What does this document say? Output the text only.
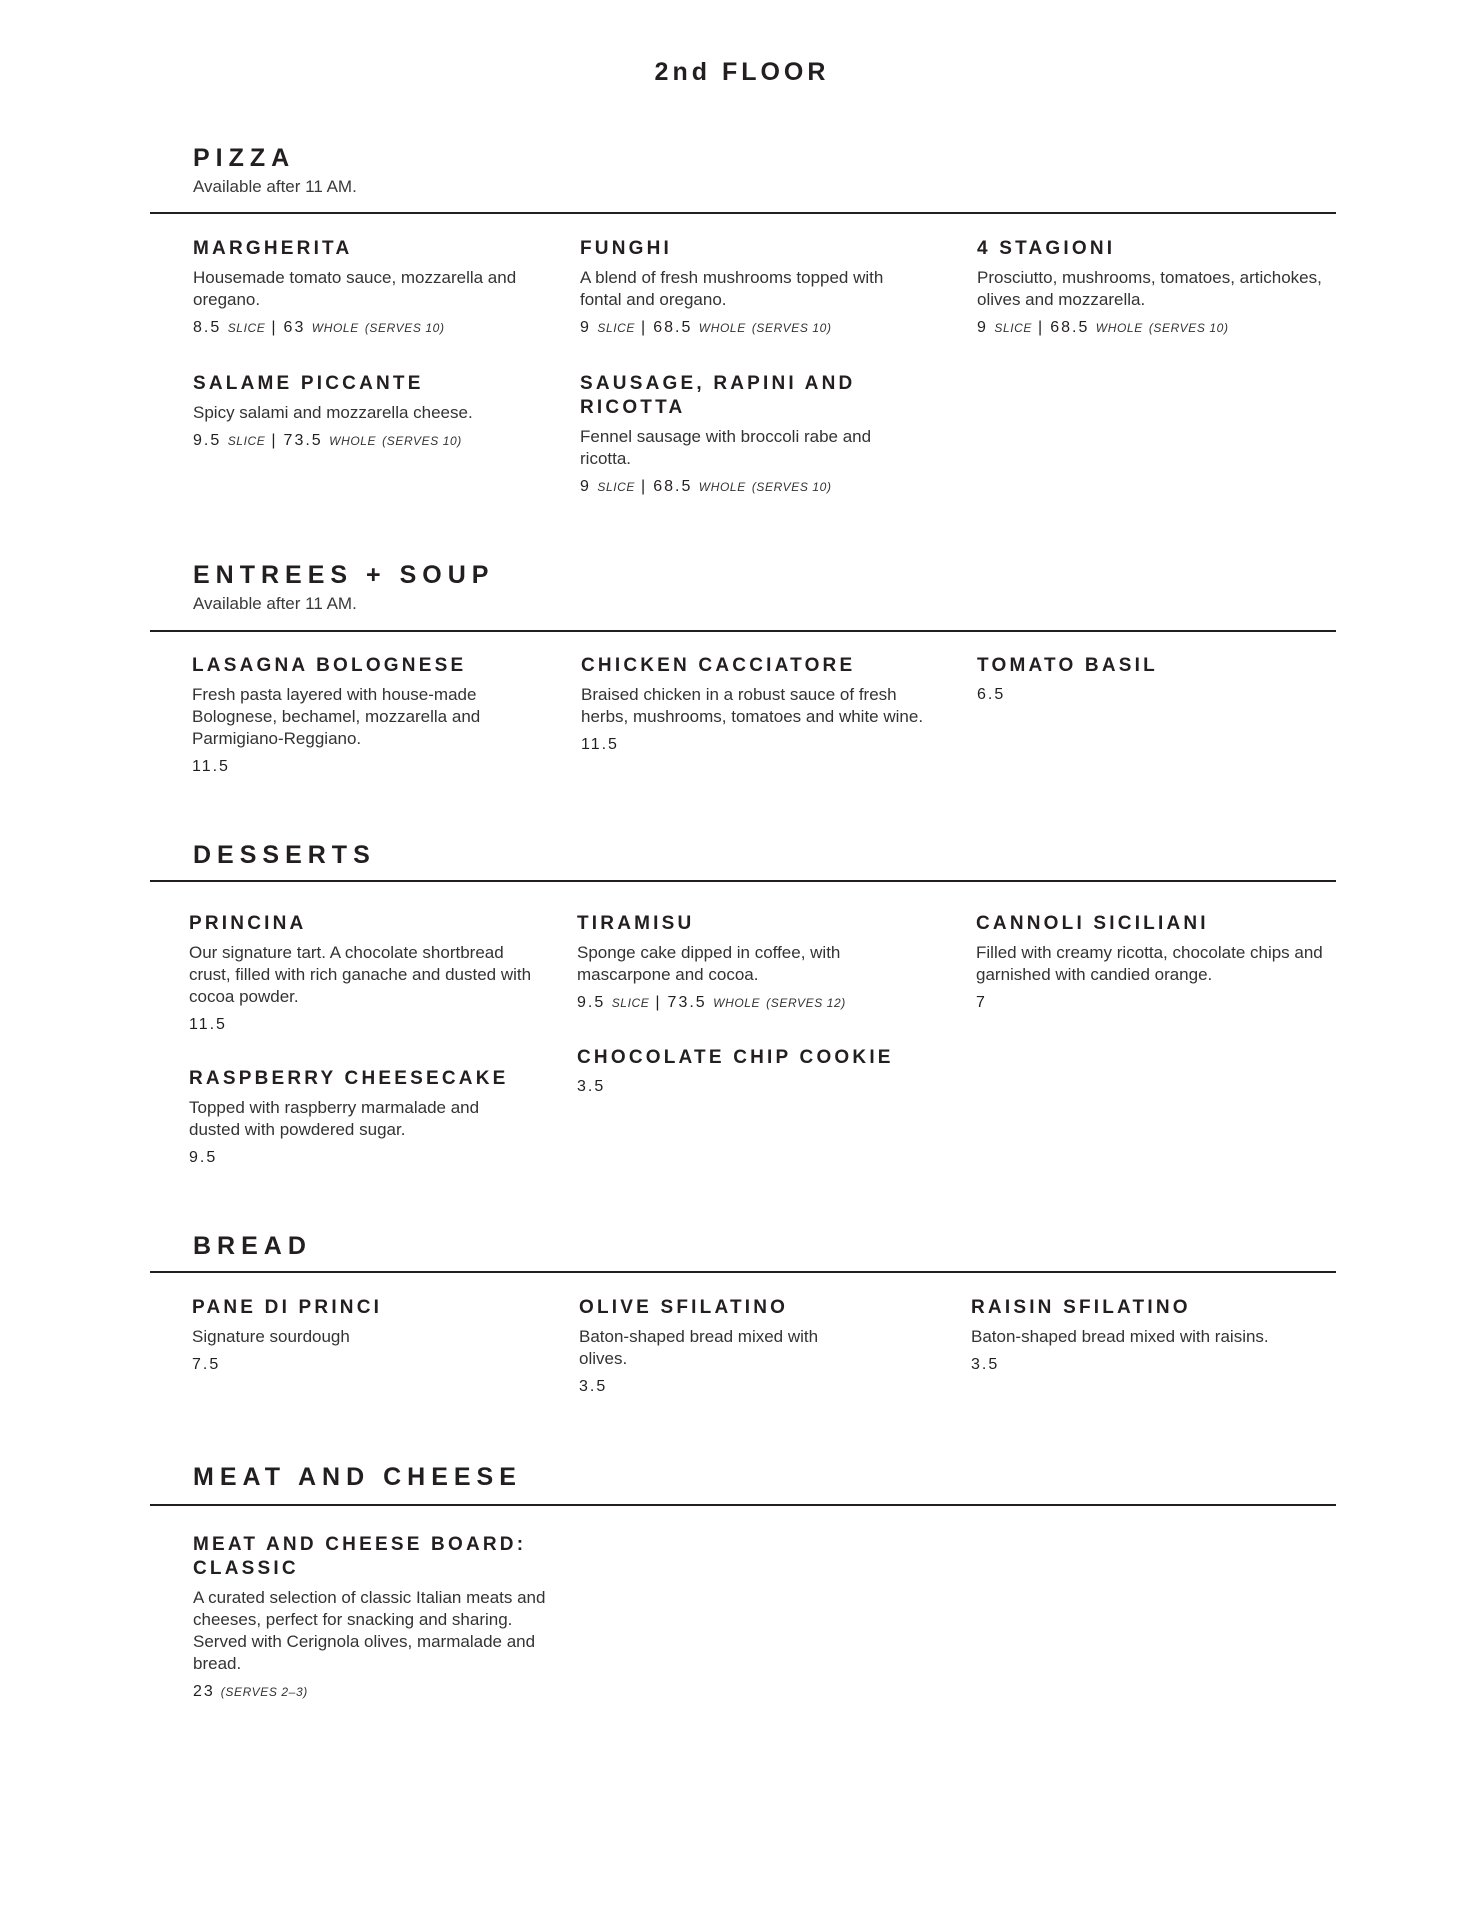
2nd FLOOR
PIZZA
Available after 11 AM.
MARGHERITA
Housemade tomato sauce, mozzarella and oregano.
8.5 SLICE | 63 WHOLE (SERVES 10)
FUNGHI
A blend of fresh mushrooms topped with fontal and oregano.
9 SLICE | 68.5 WHOLE (SERVES 10)
4 STAGIONI
Prosciutto, mushrooms, tomatoes, artichokes, olives and mozzarella.
9 SLICE | 68.5 WHOLE (SERVES 10)
SALAME PICCANTE
Spicy salami and mozzarella cheese.
9.5 SLICE | 73.5 WHOLE (SERVES 10)
SAUSAGE, RAPINI AND RICOTTA
Fennel sausage with broccoli rabe and ricotta.
9 SLICE | 68.5 WHOLE (SERVES 10)
ENTREES + SOUP
Available after 11 AM.
LASAGNA BOLOGNESE
Fresh pasta layered with house-made Bolognese, bechamel, mozzarella and Parmigiano-Reggiano.
11.5
CHICKEN CACCIATORE
Braised chicken in a robust sauce of fresh herbs, mushrooms, tomatoes and white wine.
11.5
TOMATO BASIL
6.5
DESSERTS
PRINCINA
Our signature tart. A chocolate shortbread crust, filled with rich ganache and dusted with cocoa powder.
11.5
TIRAMISU
Sponge cake dipped in coffee, with mascarpone and cocoa.
9.5 SLICE | 73.5 WHOLE (SERVES 12)
CANNOLI SICILIANI
Filled with creamy ricotta, chocolate chips and garnished with candied orange.
7
RASPBERRY CHEESECAKE
Topped with raspberry marmalade and dusted with powdered sugar.
9.5
CHOCOLATE CHIP COOKIE
3.5
BREAD
PANE DI PRINCI
Signature sourdough
7.5
OLIVE SFILATINO
Baton-shaped bread mixed with olives.
3.5
RAISIN SFILATINO
Baton-shaped bread mixed with raisins.
3.5
MEAT AND CHEESE
MEAT AND CHEESE BOARD: CLASSIC
A curated selection of classic Italian meats and cheeses, perfect for snacking and sharing. Served with Cerignola olives, marmalade and bread.
23 (SERVES 2–3)
